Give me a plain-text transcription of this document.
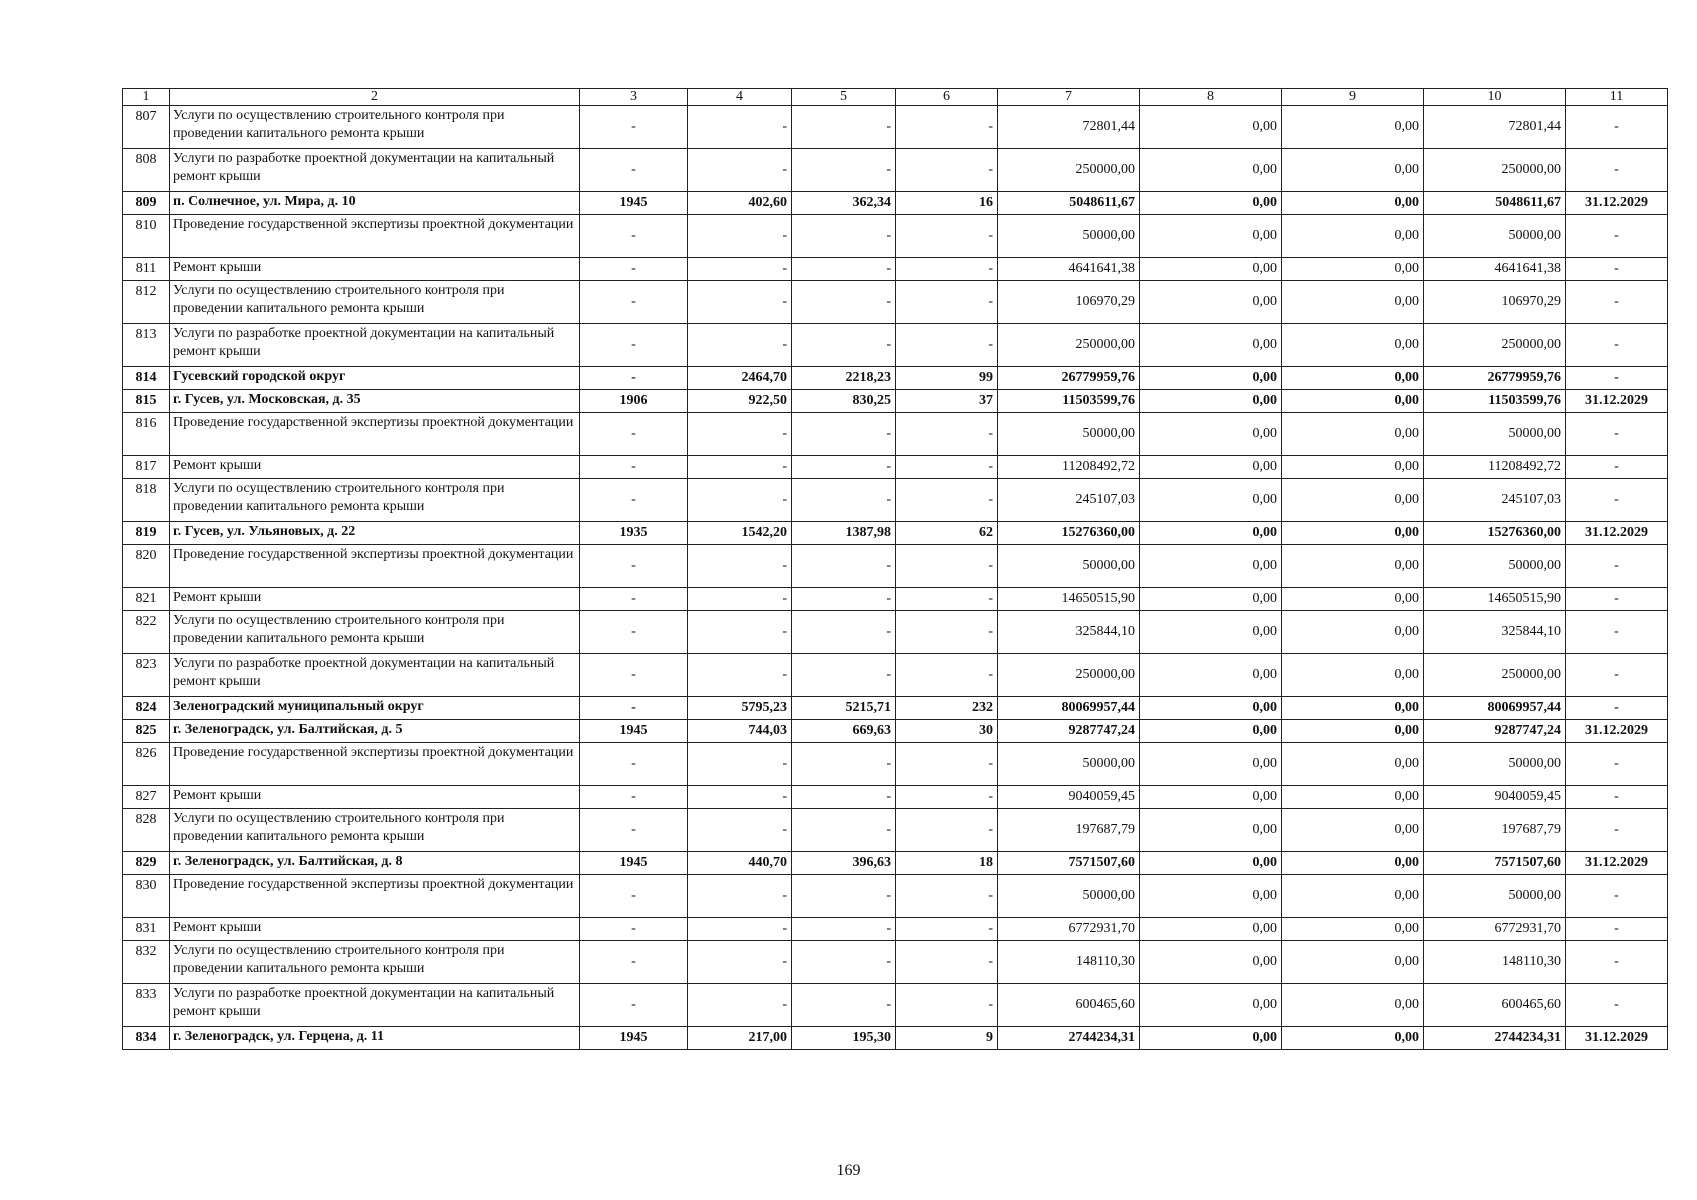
1	2	3	4	5	6	7	8	9	10	11
807	Услуги по осуществлению строительного контроля при проведении капитального ремонта крыши	-	-	-	-	72801,44	0,00	0,00	72801,44	-
808	Услуги по разработке проектной документации на капитальный ремонт крыши	-	-	-	-	250000,00	0,00	0,00	250000,00	-
809	п. Солнечное, ул. Мира, д. 10	1945	402,60	362,34	16	5048611,67	0,00	0,00	5048611,67	31.12.2029
810	Проведение государственной экспертизы проектной документации	-	-	-	-	50000,00	0,00	0,00	50000,00	-
811	Ремонт крыши	-	-	-	-	4641641,38	0,00	0,00	4641641,38	-
812	Услуги по осуществлению строительного контроля при проведении капитального ремонта крыши	-	-	-	-	106970,29	0,00	0,00	106970,29	-
813	Услуги по разработке проектной документации на капитальный ремонт крыши	-	-	-	-	250000,00	0,00	0,00	250000,00	-
814	Гусевский городской округ	-	2464,70	2218,23	99	26779959,76	0,00	0,00	26779959,76	-
815	г. Гусев, ул. Московская, д. 35	1906	922,50	830,25	37	11503599,76	0,00	0,00	11503599,76	31.12.2029
816	Проведение государственной экспертизы проектной документации	-	-	-	-	50000,00	0,00	0,00	50000,00	-
817	Ремонт крыши	-	-	-	-	11208492,72	0,00	0,00	11208492,72	-
818	Услуги по осуществлению строительного контроля при проведении капитального ремонта крыши	-	-	-	-	245107,03	0,00	0,00	245107,03	-
819	г. Гусев, ул. Ульяновых, д. 22	1935	1542,20	1387,98	62	15276360,00	0,00	0,00	15276360,00	31.12.2029
820	Проведение государственной экспертизы проектной документации	-	-	-	-	50000,00	0,00	0,00	50000,00	-
821	Ремонт крыши	-	-	-	-	14650515,90	0,00	0,00	14650515,90	-
822	Услуги по осуществлению строительного контроля при проведении капитального ремонта крыши	-	-	-	-	325844,10	0,00	0,00	325844,10	-
823	Услуги по разработке проектной документации на капитальный ремонт крыши	-	-	-	-	250000,00	0,00	0,00	250000,00	-
824	Зеленоградский муниципальный округ	-	5795,23	5215,71	232	80069957,44	0,00	0,00	80069957,44	-
825	г. Зеленоградск, ул. Балтийская, д. 5	1945	744,03	669,63	30	9287747,24	0,00	0,00	9287747,24	31.12.2029
826	Проведение государственной экспертизы проектной документации	-	-	-	-	50000,00	0,00	0,00	50000,00	-
827	Ремонт крыши	-	-	-	-	9040059,45	0,00	0,00	9040059,45	-
828	Услуги по осуществлению строительного контроля при проведении капитального ремонта крыши	-	-	-	-	197687,79	0,00	0,00	197687,79	-
829	г. Зеленоградск, ул. Балтийская, д. 8	1945	440,70	396,63	18	7571507,60	0,00	0,00	7571507,60	31.12.2029
830	Проведение государственной экспертизы проектной документации	-	-	-	-	50000,00	0,00	0,00	50000,00	-
831	Ремонт крыши	-	-	-	-	6772931,70	0,00	0,00	6772931,70	-
832	Услуги по осуществлению строительного контроля при проведении капитального ремонта крыши	-	-	-	-	148110,30	0,00	0,00	148110,30	-
833	Услуги по разработке проектной документации на капитальный ремонт крыши	-	-	-	-	600465,60	0,00	0,00	600465,60	-
834	г. Зеленоградск, ул. Герцена, д. 11	1945	217,00	195,30	9	2744234,31	0,00	0,00	2744234,31	31.12.2029
169
